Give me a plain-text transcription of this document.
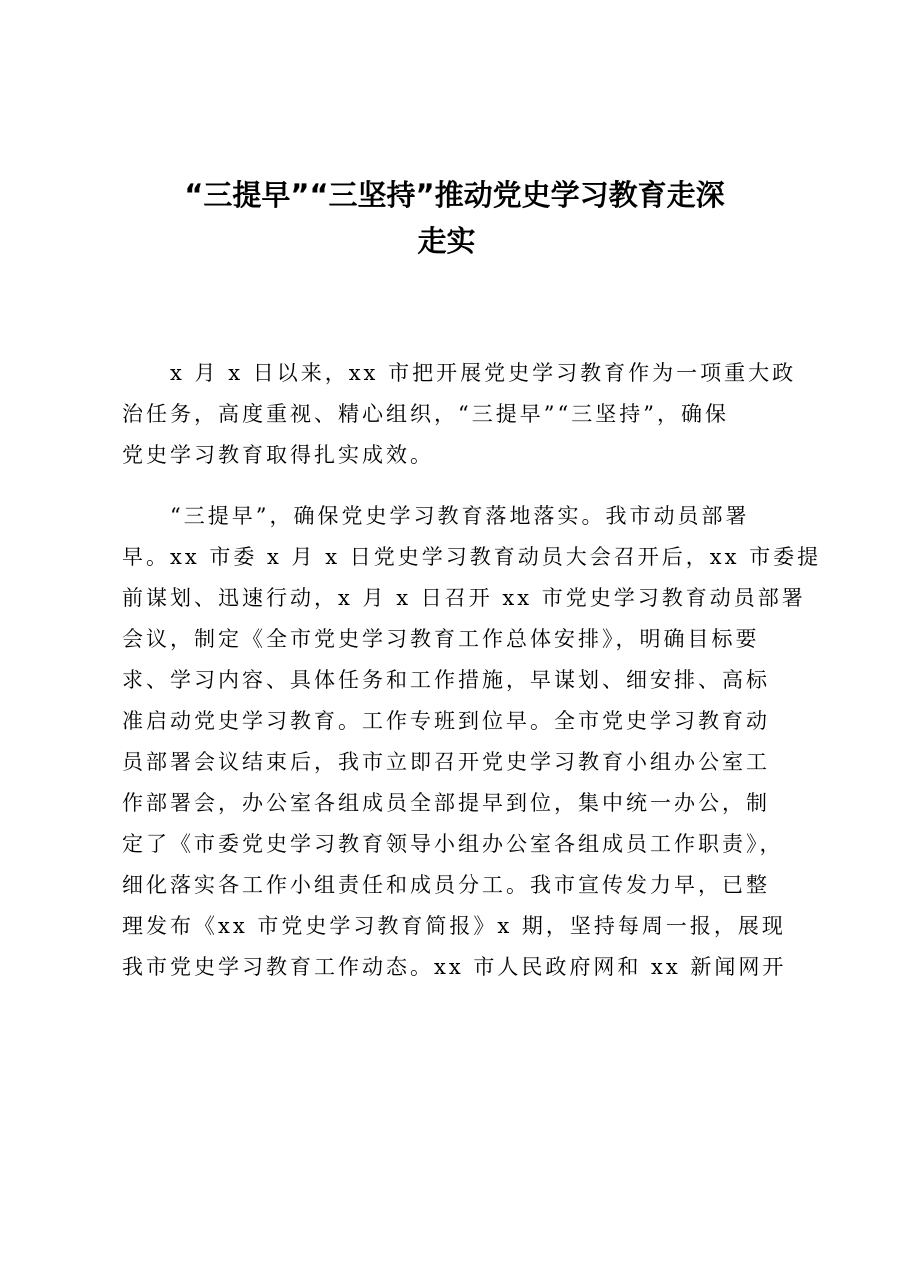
“三提早”“三坚持”推动党史学习教育走深
走实
x 月 x 日以来，xx 市把开展党史学习教育作为一项重大政
治任务，高度重视、精心组织，“三提早”“三坚持”，确保
党史学习教育取得扎实成效。
“三提早”，确保党史学习教育落地落实。我市动员部署
早。xx 市委 x 月 x 日党史学习教育动员大会召开后，xx 市委提
前谋划、迅速行动，x 月 x 日召开 xx 市党史学习教育动员部署
会议，制定《全市党史学习教育工作总体安排》，明确目标要
求、学习内容、具体任务和工作措施，早谋划、细安排、高标
准启动党史学习教育。工作专班到位早。全市党史学习教育动
员部署会议结束后，我市立即召开党史学习教育小组办公室工
作部署会，办公室各组成员全部提早到位，集中统一办公，制
定了《市委党史学习教育领导小组办公室各组成员工作职责》，
细化落实各工作小组责任和成员分工。我市宣传发力早，已整
理发布《xx 市党史学习教育简报》x 期，坚持每周一报，展现
我市党史学习教育工作动态。xx 市人民政府网和 xx 新闻网开
